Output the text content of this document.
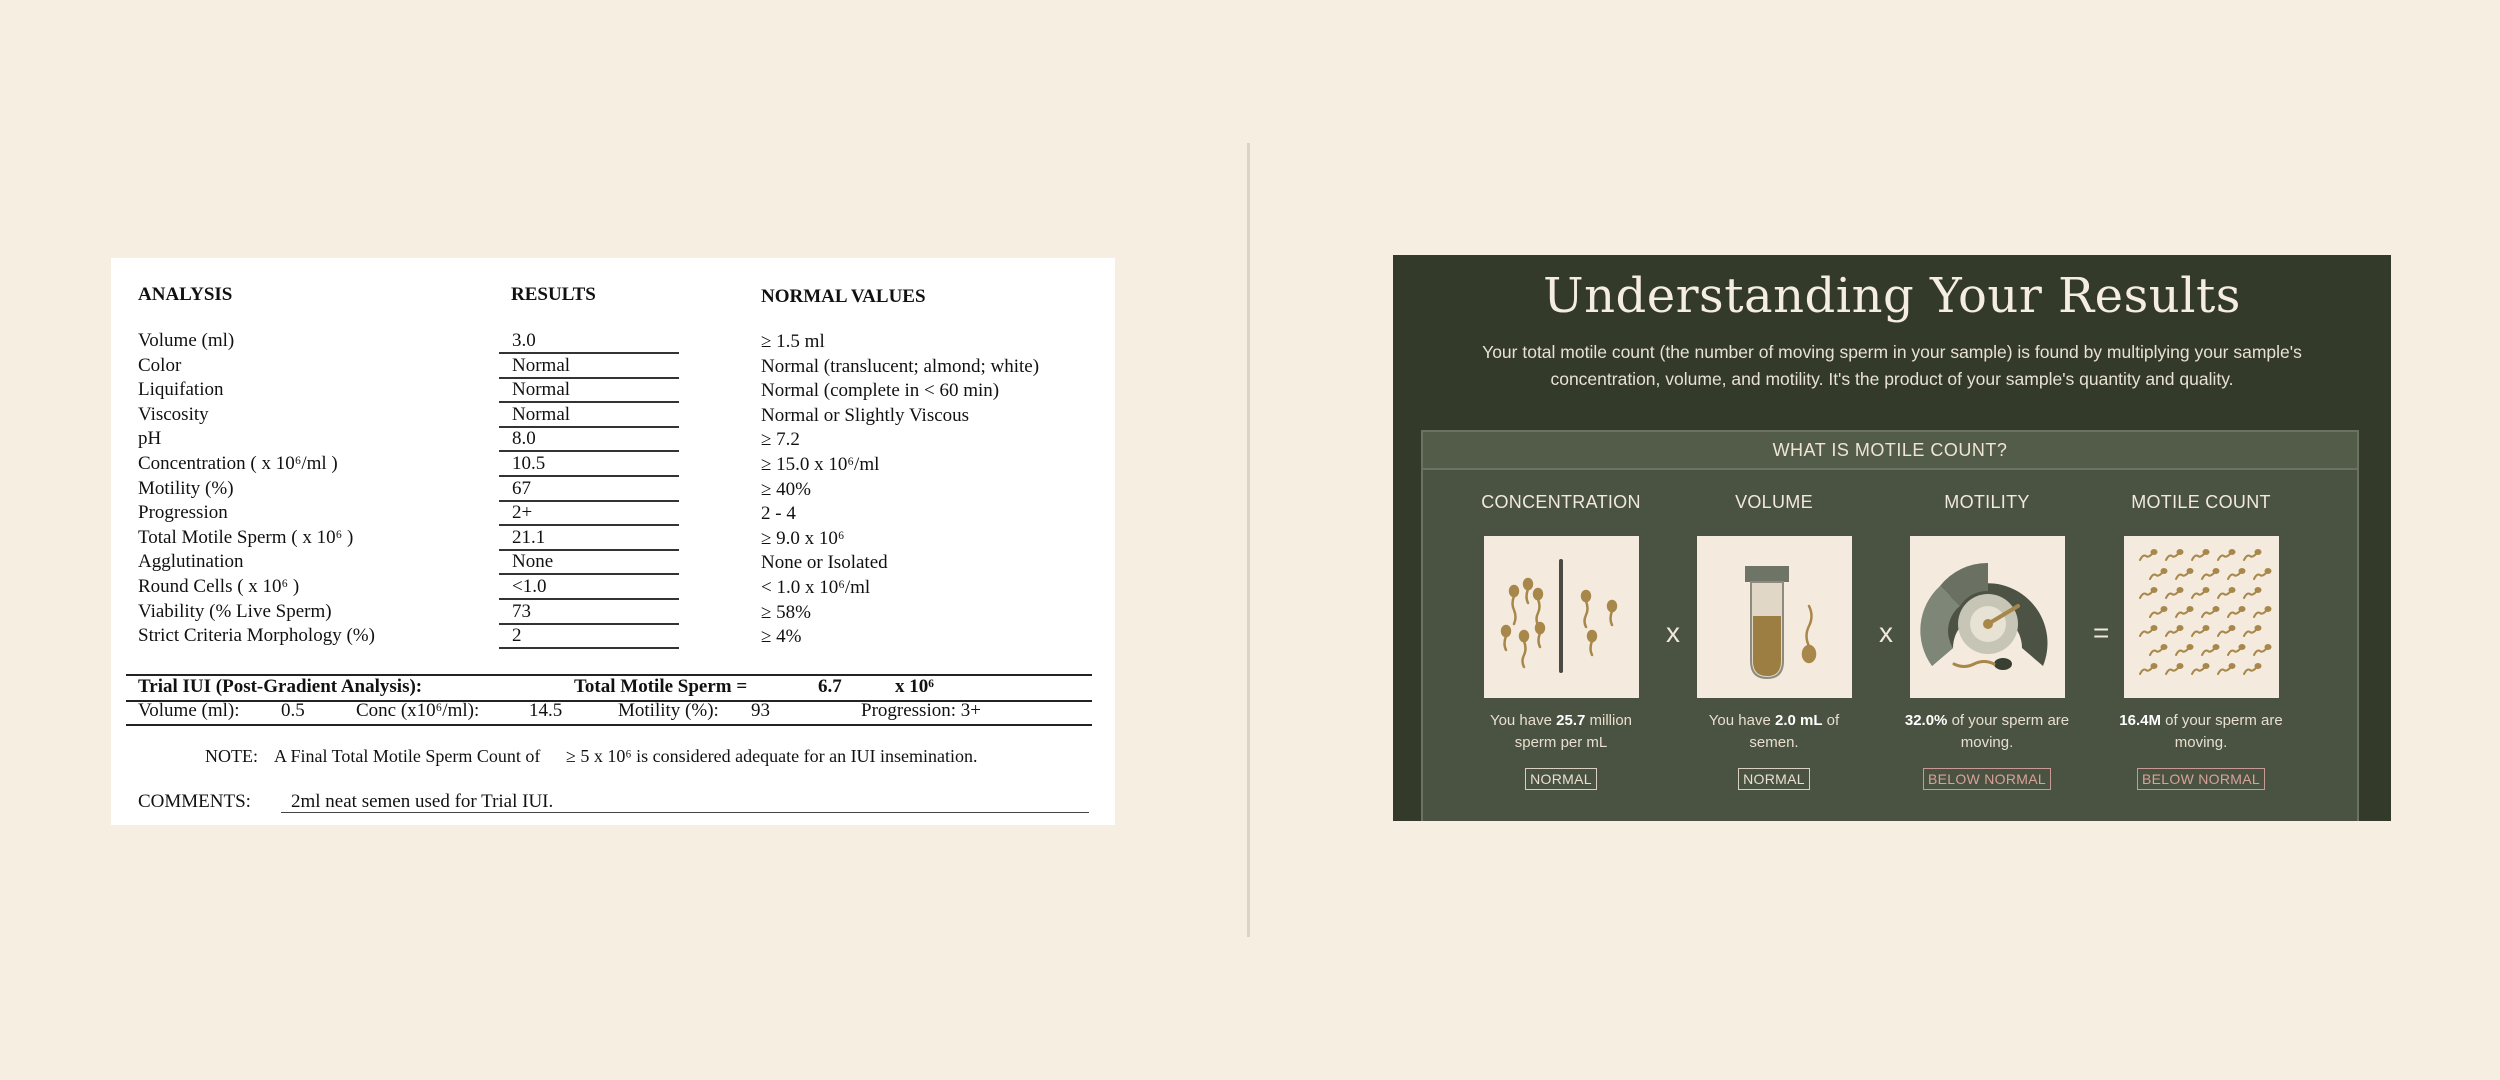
ANALYSIS	RESULTS	NORMAL VALUES
Volume (ml)	3.0	≥ 1.5 ml
Color	Normal	Normal (translucent; almond; white)
Liquifation	Normal	Normal (complete in < 60 min)
Viscosity	Normal	Normal or Slightly Viscous
pH	8.0	≥ 7.2
Concentration ( x 10⁶/ml )	10.5	≥ 15.0 x 10⁶/ml
Motility (%)	67	≥ 40%
Progression	2+	2 - 4
Total Motile Sperm ( x 10⁶ )	21.1	≥ 9.0 x 10⁶
Agglutination	None	None or Isolated
Round Cells ( x 10⁶ )	<1.0	< 1.0 x 10⁶/ml
Viability (% Live Sperm)	73	≥ 58%
Strict Criteria Morphology (%)	2	≥ 4%
Trial IUI (Post-Gradient Analysis):	Total Motile Sperm =	6.7	x 10⁶
Volume (ml): 0.5	Conc (x10⁶/ml):	14.5	Motility (%): 93	Progression: 3+
NOTE: A Final Total Motile Sperm Count of ≥ 5 x 10⁶ is considered adequate for an IUI insemination.
COMMENTS:	2ml neat semen used for Trial IUI.
Understanding Your Results
Your total motile count (the number of moving sperm in your sample) is found by multiplying your sample's concentration, volume, and motility. It's the product of your sample's quantity and quality.
WHAT IS MOTILE COUNT?
CONCENTRATION
You have 25.7 million sperm per mL
NORMAL
x
VOLUME
You have 2.0 mL of semen.
NORMAL
x
MOTILITY
32.0% of your sperm are moving.
BELOW NORMAL
=
MOTILE COUNT
16.4M of your sperm are moving.
BELOW NORMAL
